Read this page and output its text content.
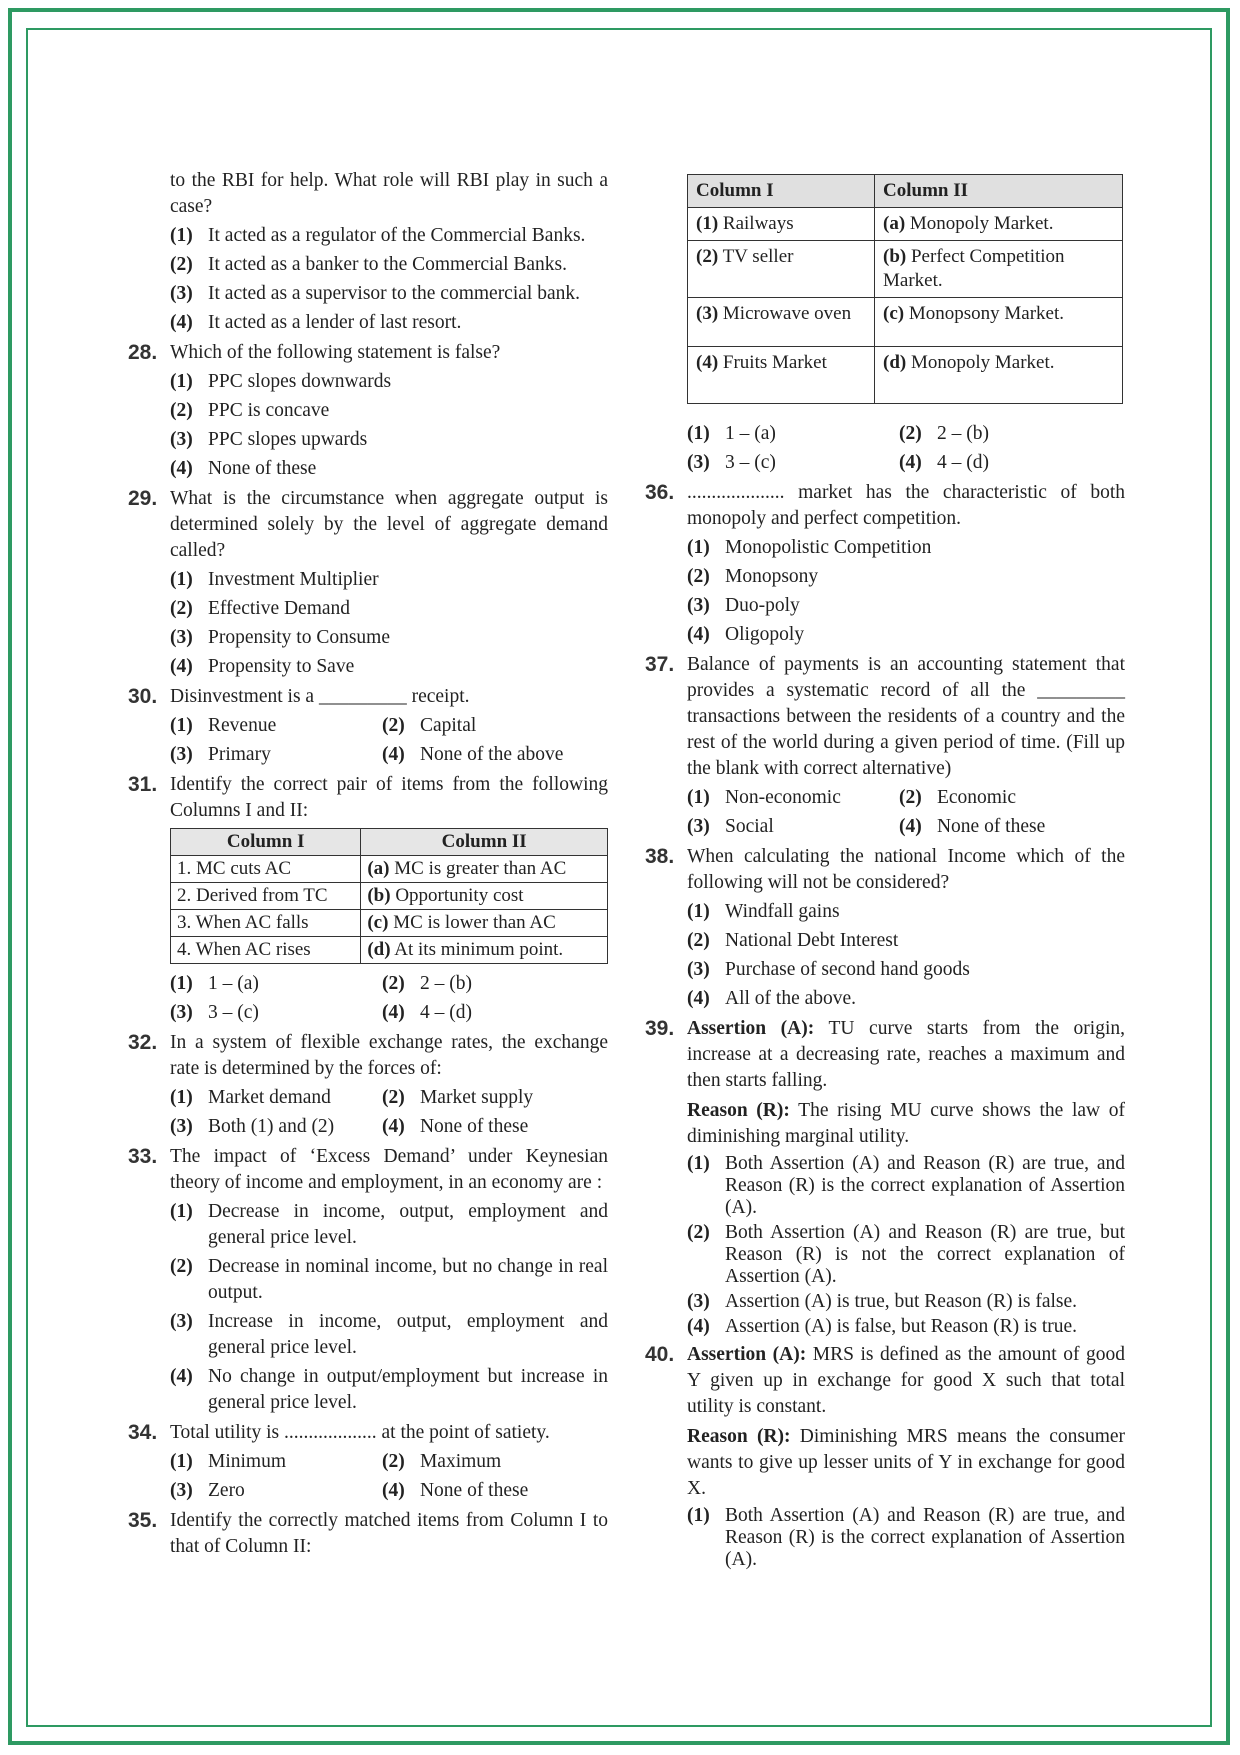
to the RBI for help. What role will RBI play in such a case?
(1) It acted as a regulator of the Commercial Banks.
(2) It acted as a banker to the Commercial Banks.
(3) It acted as a supervisor to the commercial bank.
(4) It acted as a lender of last resort.
28. Which of the following statement is false?
(1) PPC slopes downwards
(2) PPC is concave
(3) PPC slopes upwards
(4) None of these
29. What is the circumstance when aggregate output is determined solely by the level of aggregate demand called?
(1) Investment Multiplier
(2) Effective Demand
(3) Propensity to Consume
(4) Propensity to Save
30. Disinvestment is a _________ receipt.
(1) Revenue	(2) Capital
(3) Primary	(4) None of the above
31. Identify the correct pair of items from the following Columns I and II:
Column I	Column II
1. MC cuts AC	(a) MC is greater than AC
2. Derived from TC	(b) Opportunity cost
3. When AC falls	(c) MC is lower than AC
4. When AC rises	(d) At its minimum point.
(1) 1 – (a)	(2) 2 – (b)
(3) 3 – (c)	(4) 4 – (d)
32. In a system of flexible exchange rates, the exchange rate is determined by the forces of:
(1) Market demand	(2) Market supply
(3) Both (1) and (2)	(4) None of these
33. The impact of ‘Excess Demand’ under Keynesian theory of income and employment, in an economy are :
(1) Decrease in income, output, employment and general price level.
(2) Decrease in nominal income, but no change in real output.
(3) Increase in income, output, employment and general price level.
(4) No change in output/employment but increase in general price level.
34. Total utility is ................... at the point of satiety.
(1) Minimum	(2) Maximum
(3) Zero	(4) None of these
35. Identify the correctly matched items from Column I to that of Column II:
Column I	Column II
(1) Railways	(a) Monopoly Market.
(2) TV seller	(b) Perfect Competition Market.
(3) Microwave oven	(c) Monopsony Market.
(4) Fruits Market	(d) Monopoly Market.
(1) 1 – (a)	(2) 2 – (b)
(3) 3 – (c)	(4) 4 – (d)
36. .................... market has the characteristic of both monopoly and perfect competition.
(1) Monopolistic Competition
(2) Monopsony
(3) Duo-poly
(4) Oligopoly
37. Balance of payments is an accounting statement that provides a systematic record of all the _________ transactions between the residents of a country and the rest of the world during a given period of time. (Fill up the blank with correct alternative)
(1) Non-economic	(2) Economic
(3) Social	(4) None of these
38. When calculating the national Income which of the following will not be considered?
(1) Windfall gains
(2) National Debt Interest
(3) Purchase of second hand goods
(4) All of the above.
39. Assertion (A): TU curve starts from the origin, increase at a decreasing rate, reaches a maximum and then starts falling.
Reason (R): The rising MU curve shows the law of diminishing marginal utility.
(1) Both Assertion (A) and Reason (R) are true, and Reason (R) is the correct explanation of Assertion (A).
(2) Both Assertion (A) and Reason (R) are true, but Reason (R) is not the correct explanation of Assertion (A).
(3) Assertion (A) is true, but Reason (R) is false.
(4) Assertion (A) is false, but Reason (R) is true.
40. Assertion (A): MRS is defined as the amount of good Y given up in exchange for good X such that total utility is constant.
Reason (R): Diminishing MRS means the consumer wants to give up lesser units of Y in exchange for good X.
(1) Both Assertion (A) and Reason (R) are true, and Reason (R) is the correct explanation of Assertion (A).
